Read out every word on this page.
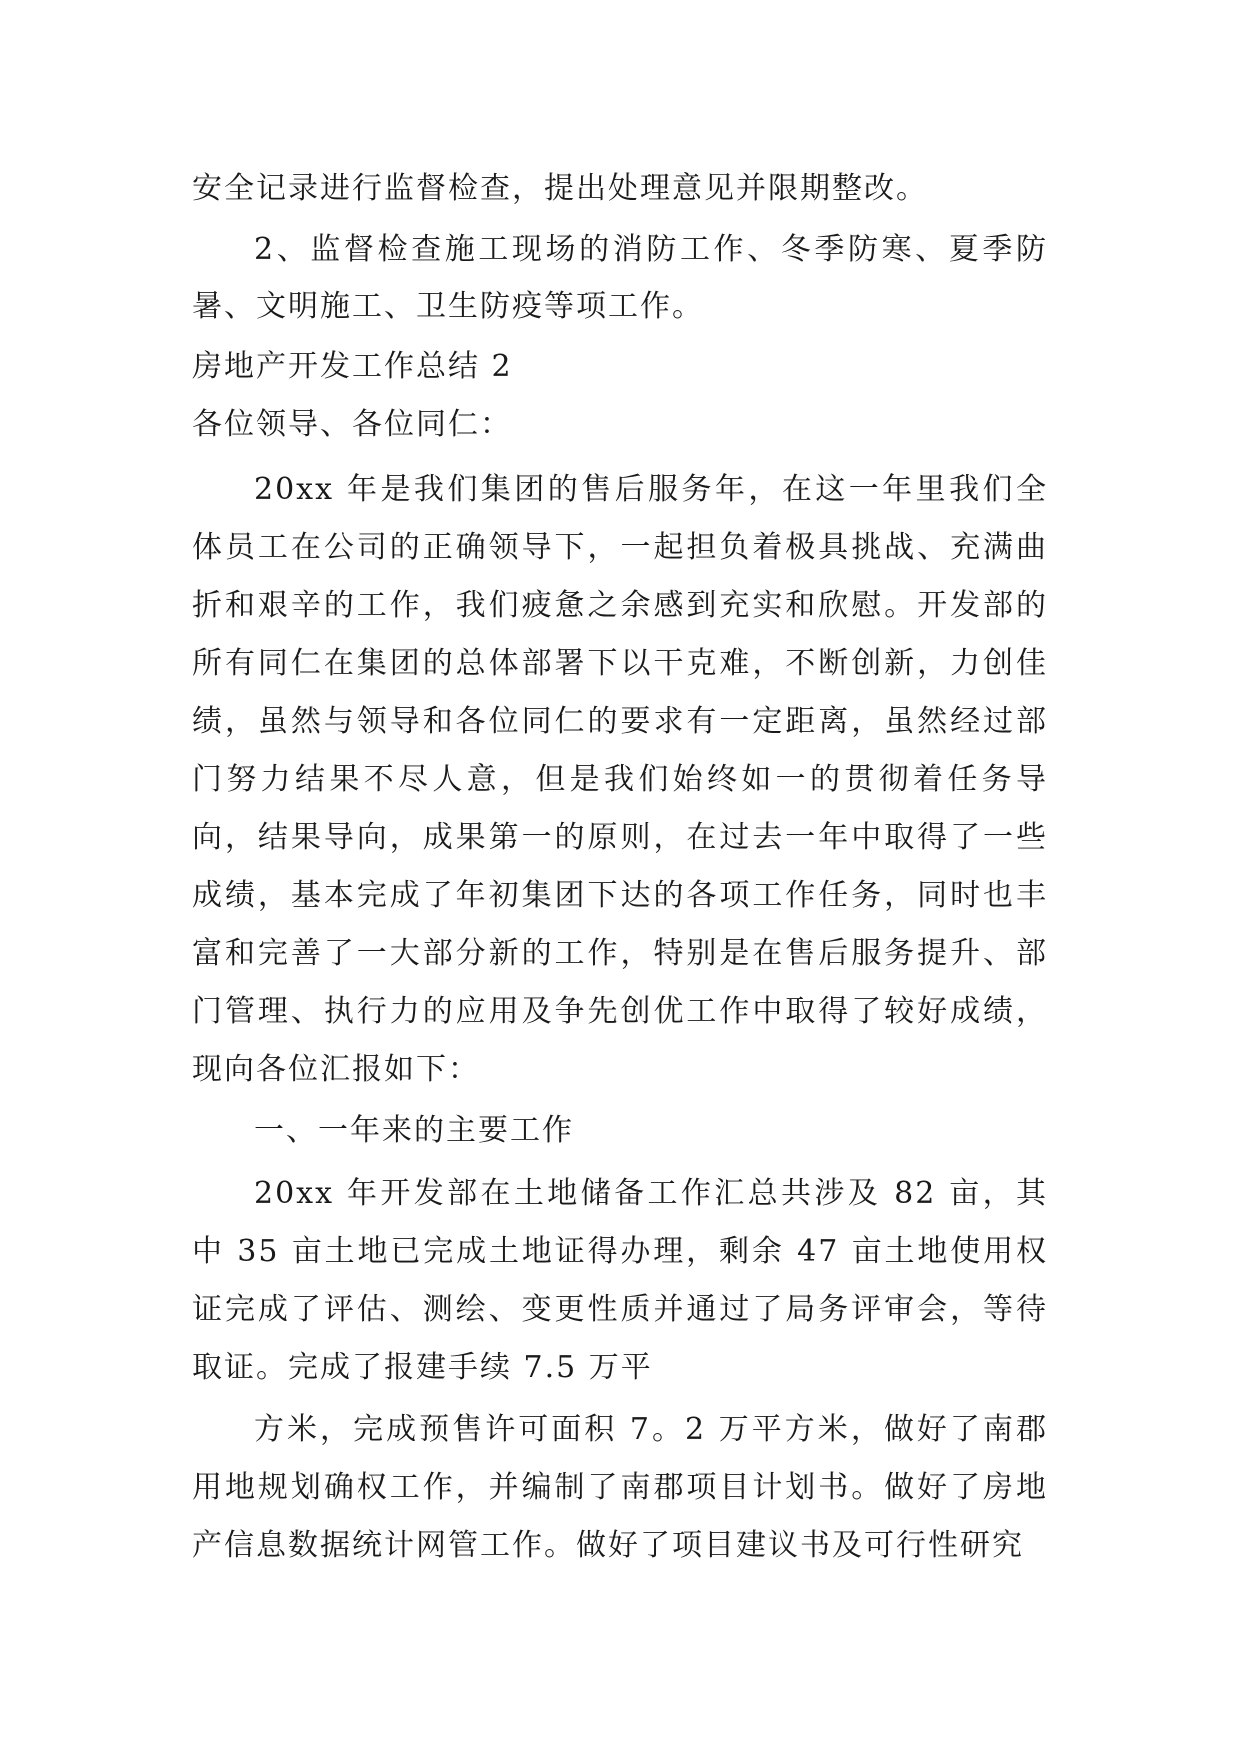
安全记录进行监督检查，提出处理意见并限期整改。

2、监督检查施工现场的消防工作、冬季防寒、夏季防暑、文明施工、卫生防疫等项工作。

房地产开发工作总结 2

各位领导、各位同仁：

20xx 年是我们集团的售后服务年，在这一年里我们全体员工在公司的正确领导下，一起担负着极具挑战、充满曲折和艰辛的工作，我们疲惫之余感到充实和欣慰。开发部的所有同仁在集团的总体部署下以干克难，不断创新，力创佳绩，虽然与领导和各位同仁的要求有一定距离，虽然经过部门努力结果不尽人意，但是我们始终如一的贯彻着任务导向，结果导向，成果第一的原则，在过去一年中取得了一些成绩，基本完成了年初集团下达的各项工作任务，同时也丰富和完善了一大部分新的工作，特别是在售后服务提升、部门管理、执行力的应用及争先创优工作中取得了较好成绩，现向各位汇报如下：

一、一年来的主要工作

20xx 年开发部在土地储备工作汇总共涉及 82 亩，其中 35 亩土地已完成土地证得办理，剩余 47 亩土地使用权证完成了评估、测绘、变更性质并通过了局务评审会，等待取证。完成了报建手续 7.5 万平

方米，完成预售许可面积 7。2 万平方米，做好了南郡用地规划确权工作，并编制了南郡项目计划书。做好了房地产信息数据统计网管工作。做好了项目建议书及可行性研究
